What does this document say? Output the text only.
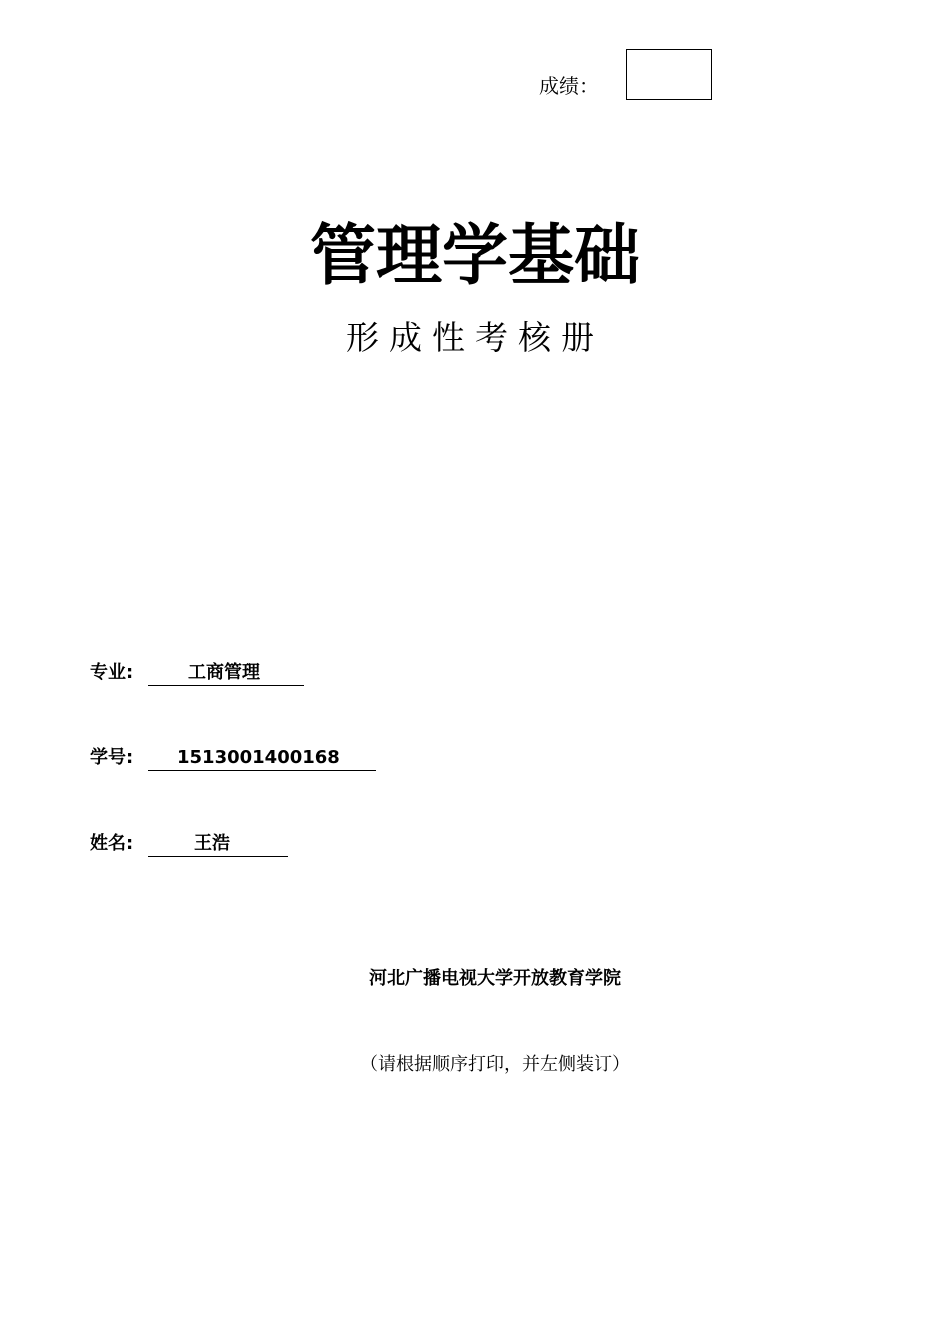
成绩：
管理学基础
形成性考核册
专业:	工商管理
学号: 1513001400168
姓名:	王浩
河北广播电视大学开放教育学院
（请根据顺序打印，并左侧装订）
